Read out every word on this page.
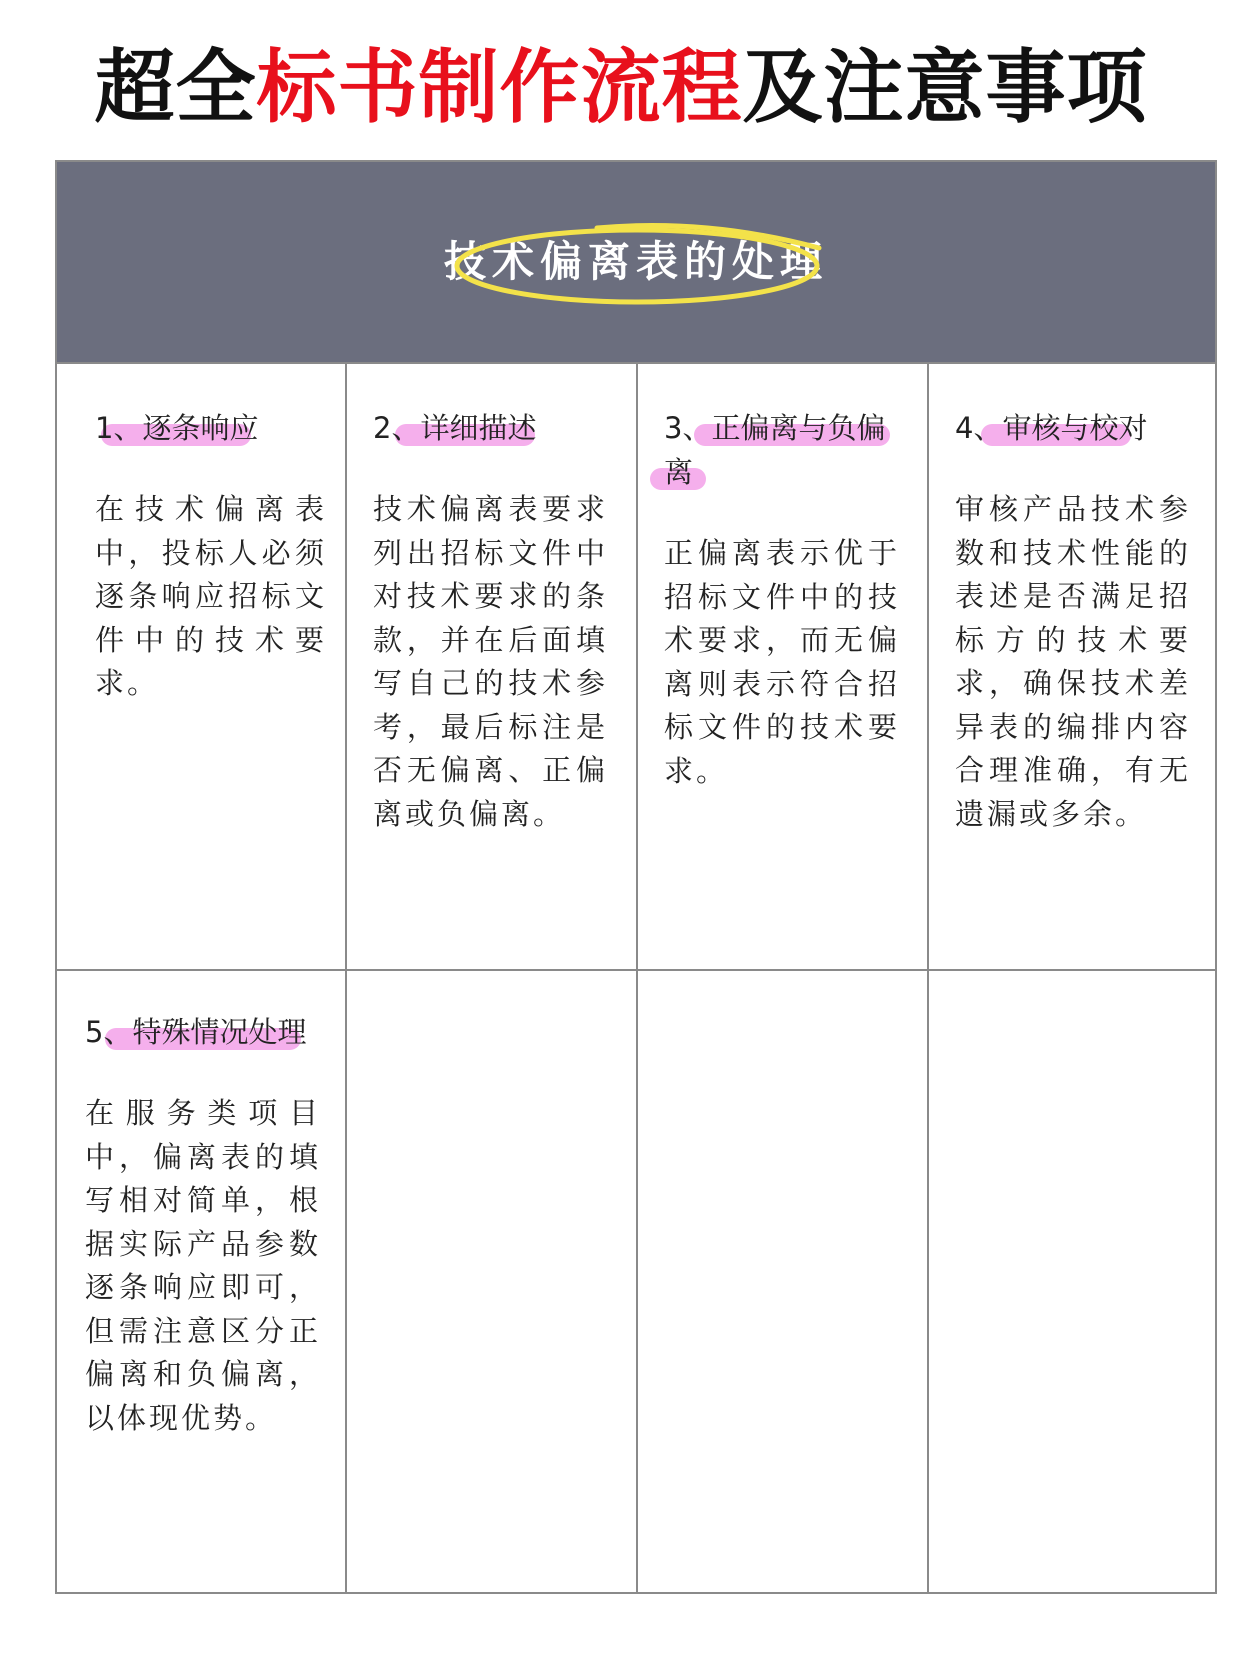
超全标书制作流程及注意事项
技术偏离表的处理
1、逐条响应
在技术偏离表中，投标人必须逐条响应招标文件中的技术要求。
2、详细描述
技术偏离表要求列出招标文件中对技术要求的条款，并在后面填写自己的技术参考，最后标注是否无偏离、正偏离或负偏离。
3、正偏离与负偏离
正偏离表示优于招标文件中的技术要求，而无偏离则表示符合招标文件的技术要求。
4、审核与校对
审核产品技术参数和技术性能的表述是否满足招标方的技术要求，确保技术差异表的编排内容合理准确，有无遗漏或多余。
5、特殊情况处理
在服务类项目中，偏离表的填写相对简单，根据实际产品参数逐条响应即可，但需注意区分正偏离和负偏离，以体现优势。
